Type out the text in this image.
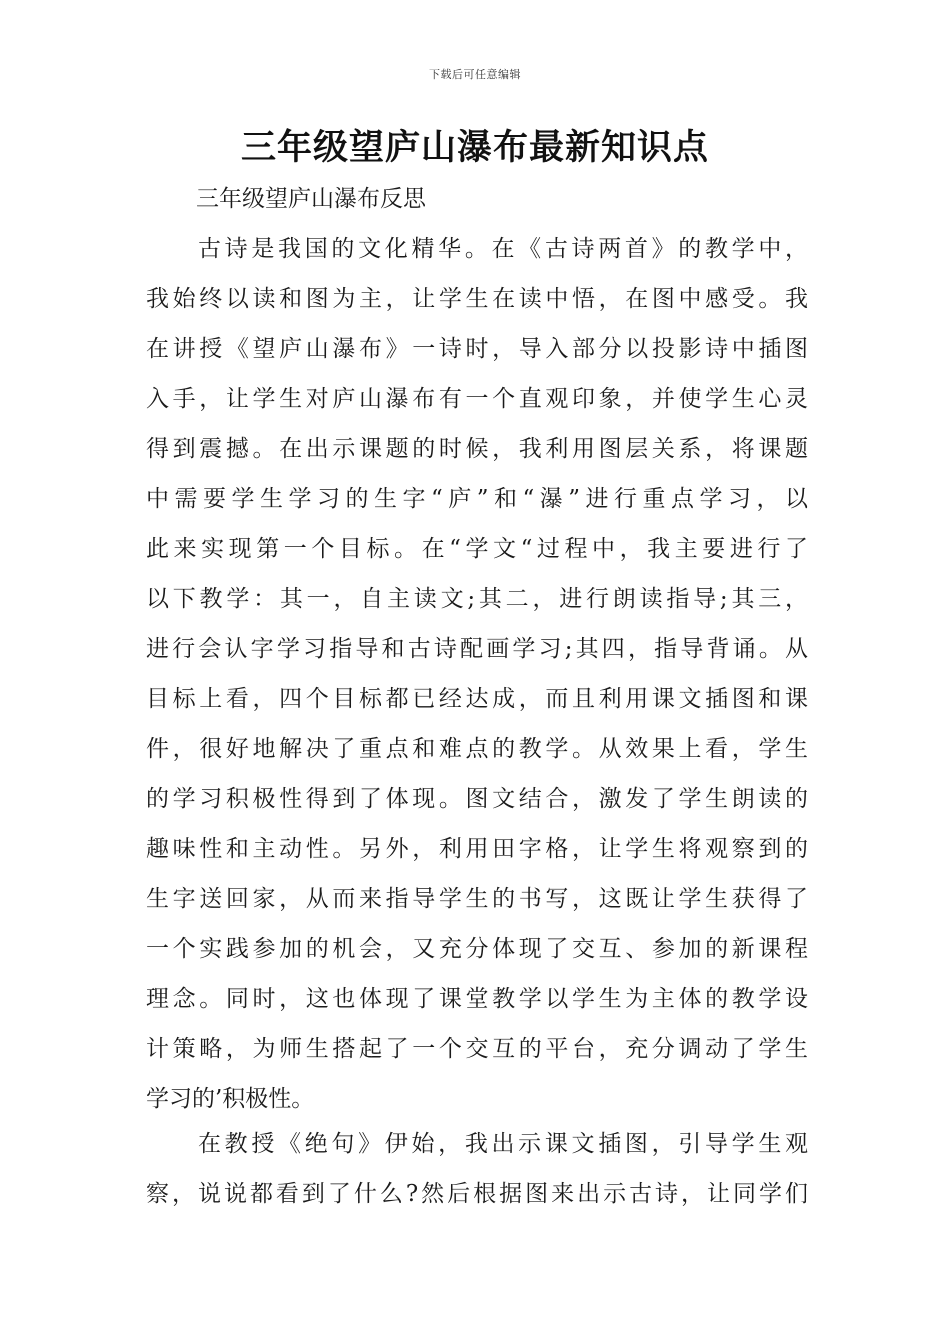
下载后可任意编辑
三年级望庐山瀑布最新知识点
三年级望庐山瀑布反思
古诗是我国的文化精华。在《古诗两首》的教学中，
我始终以读和图为主，让学生在读中悟，在图中感受。我
在讲授《望庐山瀑布》一诗时，导入部分以投影诗中插图
入手，让学生对庐山瀑布有一个直观印象，并使学生心灵
得到震撼。在出示课题的时候，我利用图层关系，将课题
中需要学生学习的生字“庐”和“瀑”进行重点学习，以
此来实现第一个目标。在“学文“过程中，我主要进行了
以下教学：其一，自主读文;其二，进行朗读指导;其三，
进行会认字学习指导和古诗配画学习;其四，指导背诵。从
目标上看，四个目标都已经达成，而且利用课文插图和课
件，很好地解决了重点和难点的教学。从效果上看，学生
的学习积极性得到了体现。图文结合，激发了学生朗读的
趣味性和主动性。另外，利用田字格，让学生将观察到的
生字送回家，从而来指导学生的书写，这既让学生获得了
一个实践参加的机会，又充分体现了交互、参加的新课程
理念。同时，这也体现了课堂教学以学生为主体的教学设
计策略，为师生搭起了一个交互的平台，充分调动了学生
学习的’积极性。
在教授《绝句》伊始，我出示课文插图，引导学生观
察，说说都看到了什么?然后根据图来出示古诗，让同学们
